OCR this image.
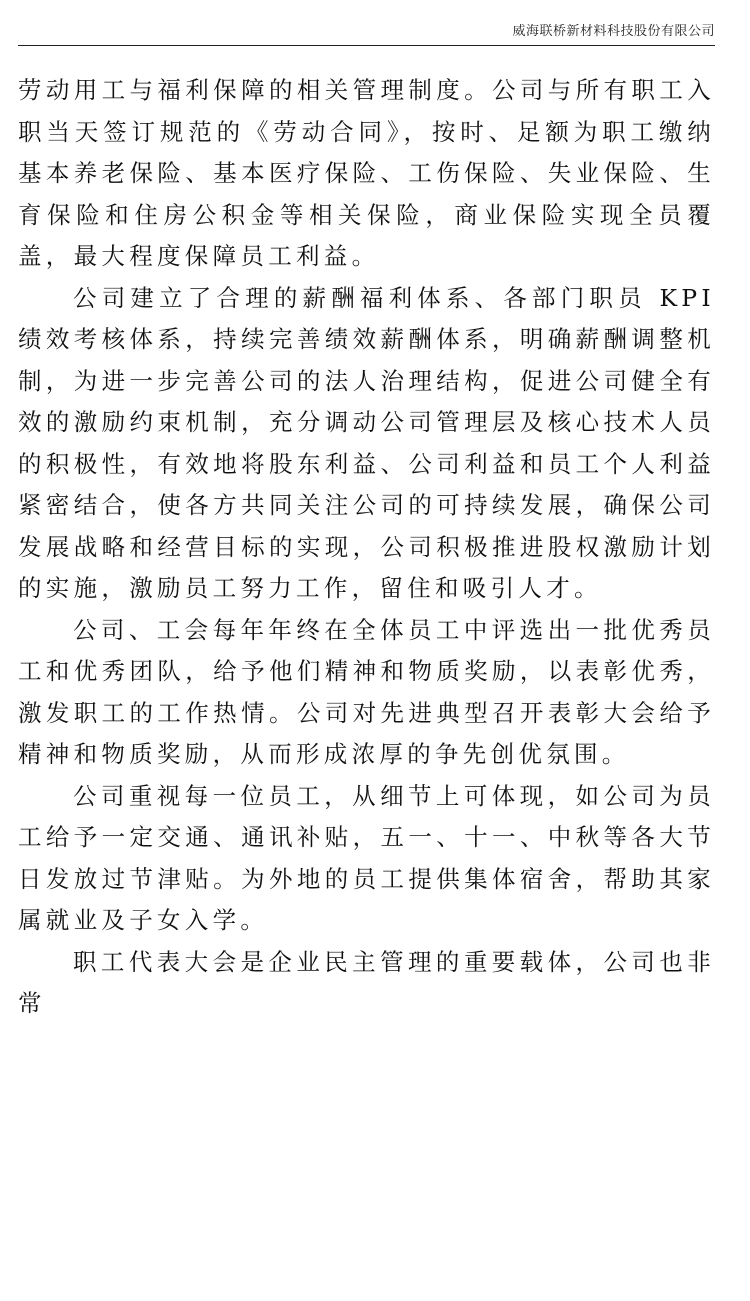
威海联桥新材料科技股份有限公司

劳动用工与福利保障的相关管理制度。公司与所有职工入职当天签订规范的《劳动合同》，按时、足额为职工缴纳基本养老保险、基本医疗保险、工伤保险、失业保险、生育保险和住房公积金等相关保险，商业保险实现全员覆盖，最大程度保障员工利益。

公司建立了合理的薪酬福利体系、各部门职员 KPI 绩效考核体系，持续完善绩效薪酬体系，明确薪酬调整机制，为进一步完善公司的法人治理结构，促进公司健全有效的激励约束机制，充分调动公司管理层及核心技术人员的积极性，有效地将股东利益、公司利益和员工个人利益紧密结合，使各方共同关注公司的可持续发展，确保公司发展战略和经营目标的实现，公司积极推进股权激励计划的实施，激励员工努力工作，留住和吸引人才。

公司、工会每年年终在全体员工中评选出一批优秀员工和优秀团队，给予他们精神和物质奖励，以表彰优秀，激发职工的工作热情。公司对先进典型召开表彰大会给予精神和物质奖励，从而形成浓厚的争先创优氛围。

公司重视每一位员工，从细节上可体现，如公司为员工给予一定交通、通讯补贴，五一、十一、中秋等各大节日发放过节津贴。为外地的员工提供集体宿舍，帮助其家属就业及子女入学。

职工代表大会是企业民主管理的重要载体，公司也非常
